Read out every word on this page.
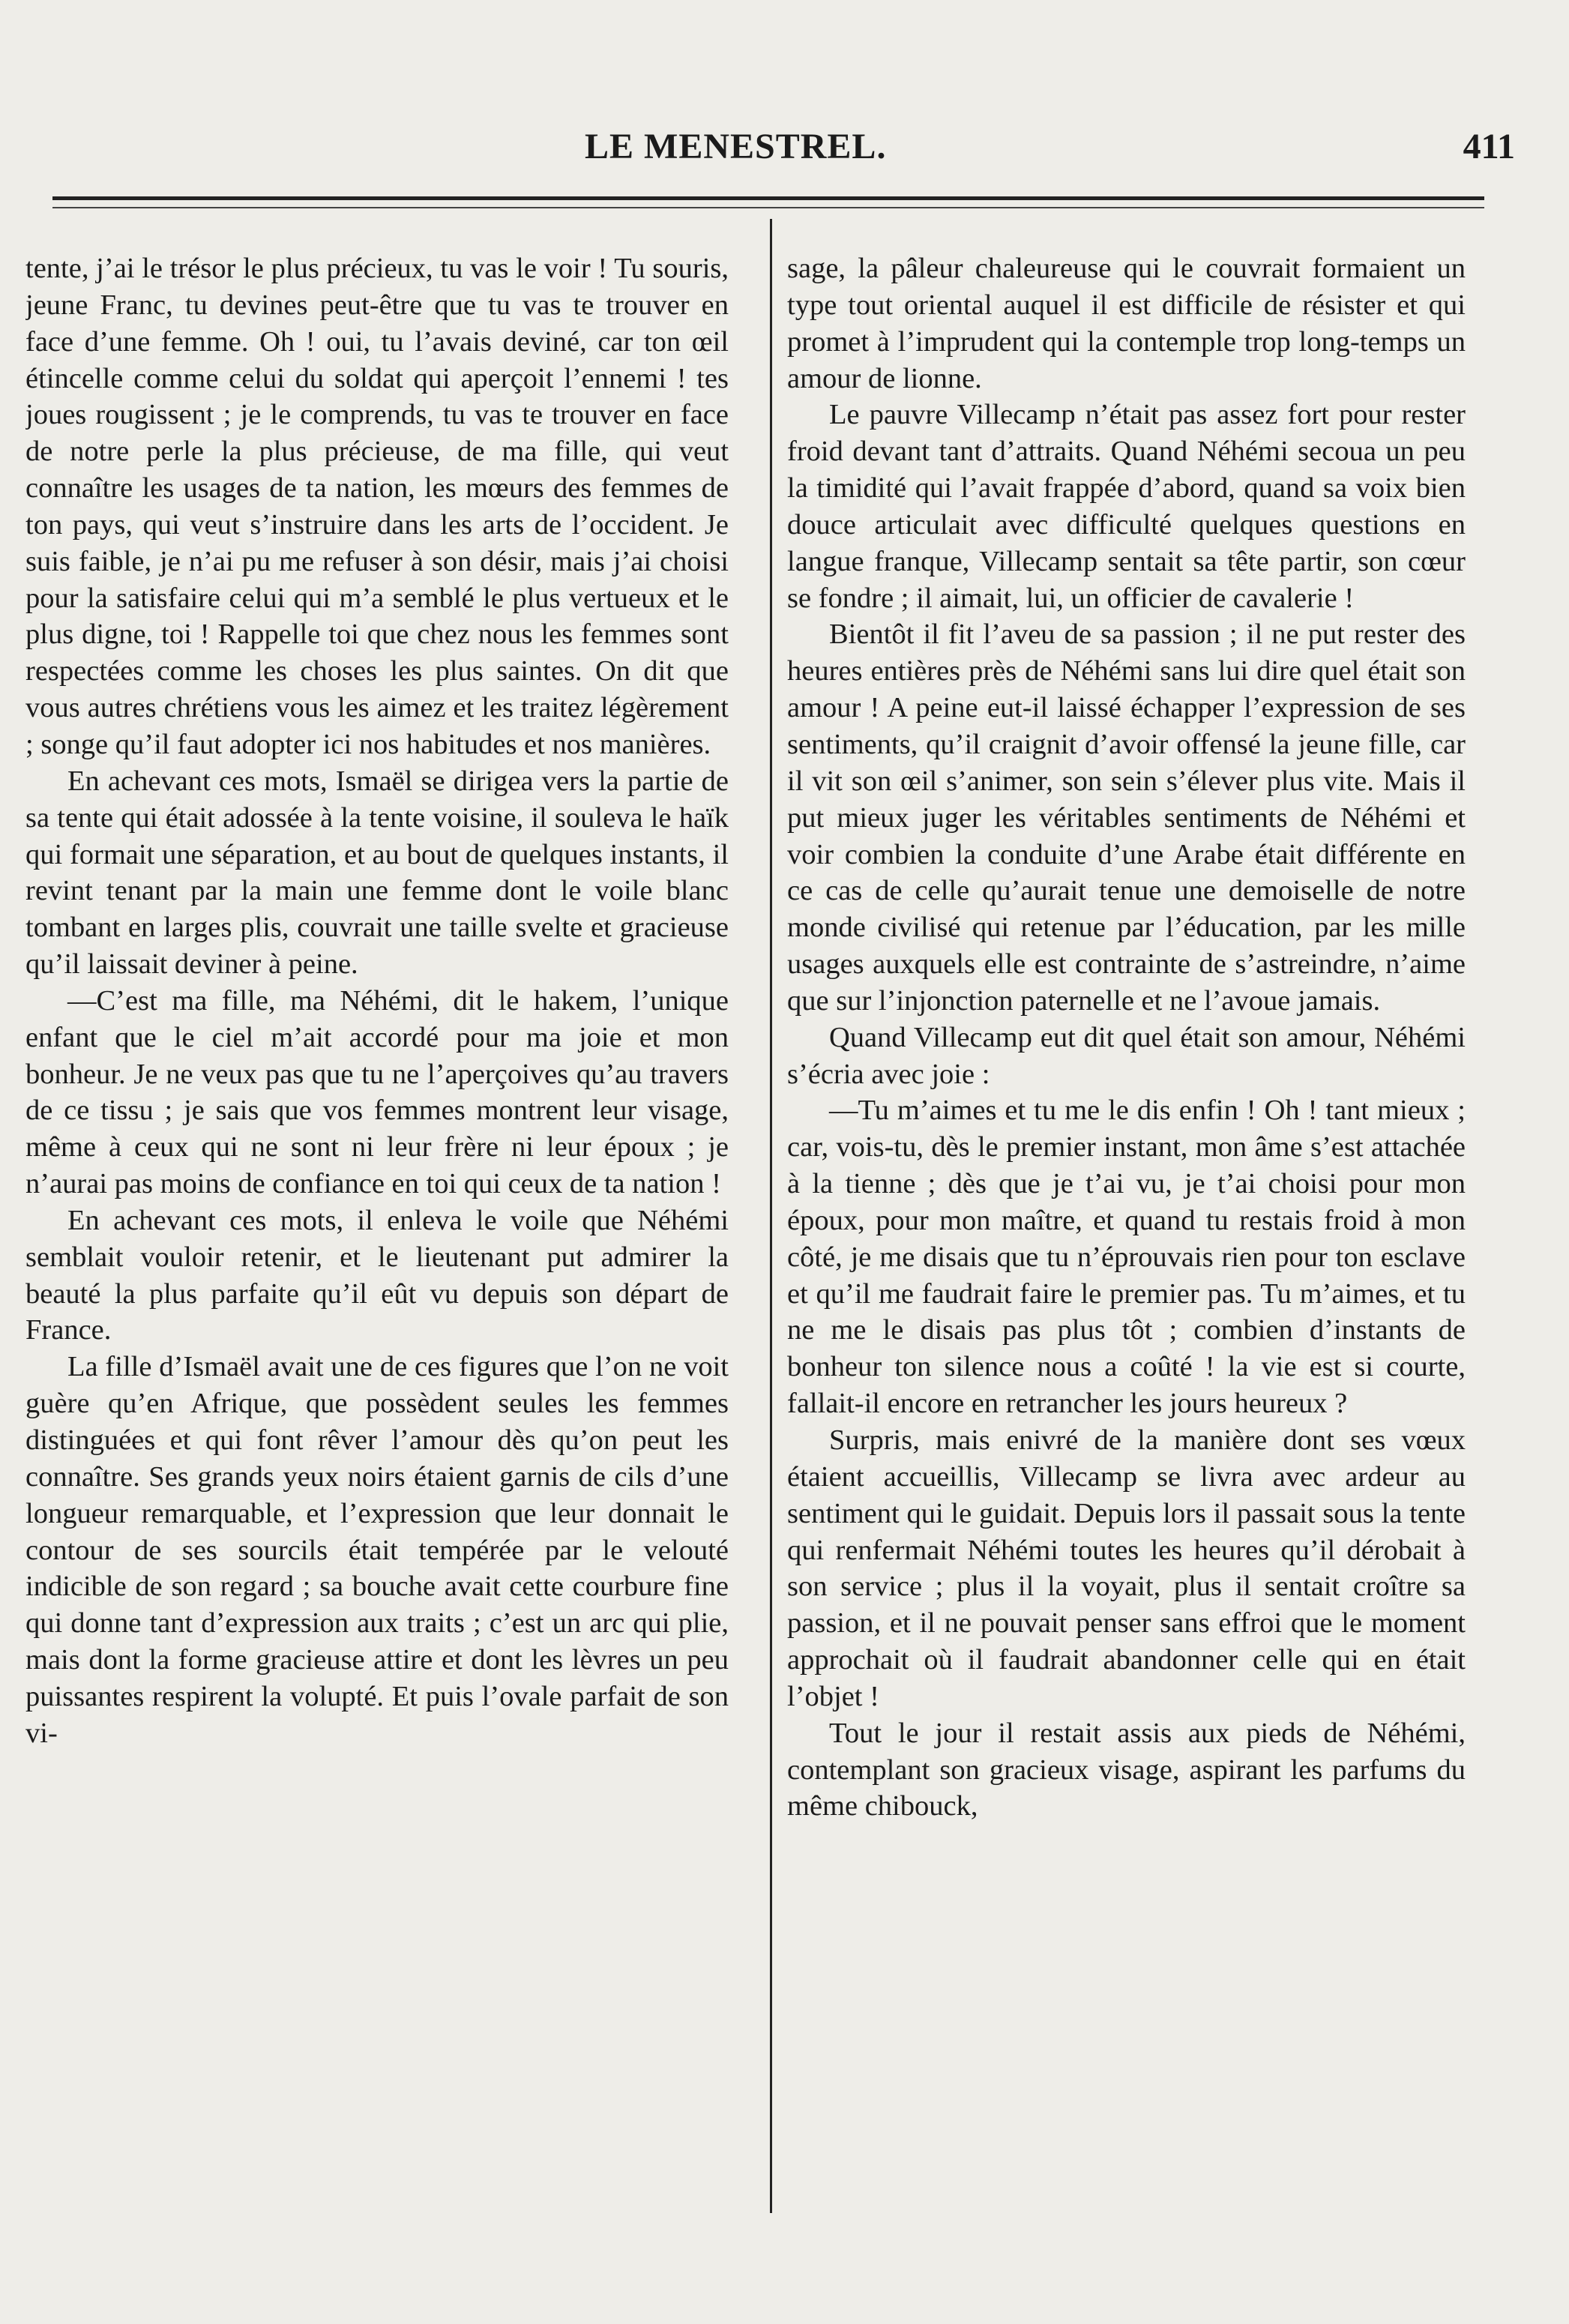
LE MENESTREL.	411

tente, j’ai le trésor le plus précieux, tu vas le voir ! Tu souris, jeune Franc, tu devines peut-être que tu vas te trouver en face d’une femme. Oh ! oui, tu l’avais deviné, car ton œil étincelle comme celui du soldat qui aperçoit l’ennemi ! tes joues rougissent ; je le comprends, tu vas te trouver en face de notre perle la plus précieuse, de ma fille, qui veut connaître les usages de ta nation, les mœurs des femmes de ton pays, qui veut s’instruire dans les arts de l’occident. Je suis faible, je n’ai pu me refuser à son désir, mais j’ai choisi pour la satisfaire celui qui m’a semblé le plus vertueux et le plus digne, toi ! Rappelle toi que chez nous les femmes sont respectées comme les choses les plus saintes. On dit que vous autres chrétiens vous les aimez et les traitez légèrement ; songe qu’il faut adopter ici nos habitudes et nos manières.

En achevant ces mots, Ismaël se dirigea vers la partie de sa tente qui était adossée à la tente voisine, il souleva le haïk qui formait une séparation, et au bout de quelques instants, il revint tenant par la main une femme dont le voile blanc tombant en larges plis, couvrait une taille svelte et gracieuse qu’il laissait deviner à peine.

—C’est ma fille, ma Néhémi, dit le hakem, l’unique enfant que le ciel m’ait accordé pour ma joie et mon bonheur. Je ne veux pas que tu ne l’aperçoives qu’au travers de ce tissu ; je sais que vos femmes montrent leur visage, même à ceux qui ne sont ni leur frère ni leur époux ; je n’aurai pas moins de confiance en toi qui ceux de ta nation !

En achevant ces mots, il enleva le voile que Néhémi semblait vouloir retenir, et le lieutenant put admirer la beauté la plus parfaite qu’il eût vu depuis son départ de France.

La fille d’Ismaël avait une de ces figures que l’on ne voit guère qu’en Afrique, que possèdent seules les femmes distinguées et qui font rêver l’amour dès qu’on peut les connaître. Ses grands yeux noirs étaient garnis de cils d’une longueur remarquable, et l’expression que leur donnait le contour de ses sourcils était tempérée par le velouté indicible de son regard ; sa bouche avait cette courbure fine qui donne tant d’expression aux traits ; c’est un arc qui plie, mais dont la forme gracieuse attire et dont les lèvres un peu puissantes respirent la volupté. Et puis l’ovale parfait de son vi-

sage, la pâleur chaleureuse qui le couvrait formaient un type tout oriental auquel il est difficile de résister et qui promet à l’imprudent qui la contemple trop long-temps un amour de lionne.

Le pauvre Villecamp n’était pas assez fort pour rester froid devant tant d’attraits. Quand Néhémi secoua un peu la timidité qui l’avait frappée d’abord, quand sa voix bien douce articulait avec difficulté quelques questions en langue franque, Villecamp sentait sa tête partir, son cœur se fondre ; il aimait, lui, un officier de cavalerie !

Bientôt il fit l’aveu de sa passion ; il ne put rester des heures entières près de Néhémi sans lui dire quel était son amour ! A peine eut-il laissé échapper l’expression de ses sentiments, qu’il craignit d’avoir offensé la jeune fille, car il vit son œil s’animer, son sein s’élever plus vite. Mais il put mieux juger les véritables sentiments de Néhémi et voir combien la conduite d’une Arabe était différente en ce cas de celle qu’aurait tenue une demoiselle de notre monde civilisé qui retenue par l’éducation, par les mille usages auxquels elle est contrainte de s’astreindre, n’aime que sur l’injonction paternelle et ne l’avoue jamais.

Quand Villecamp eut dit quel était son amour, Néhémi s’écria avec joie :

—Tu m’aimes et tu me le dis enfin ! Oh ! tant mieux ; car, vois-tu, dès le premier instant, mon âme s’est attachée à la tienne ; dès que je t’ai vu, je t’ai choisi pour mon époux, pour mon maître, et quand tu restais froid à mon côté, je me disais que tu n’éprouvais rien pour ton esclave et qu’il me faudrait faire le premier pas. Tu m’aimes, et tu ne me le disais pas plus tôt ; combien d’instants de bonheur ton silence nous a coûté ! la vie est si courte, fallait-il encore en retrancher les jours heureux ?

Surpris, mais enivré de la manière dont ses vœux étaient accueillis, Villecamp se livra avec ardeur au sentiment qui le guidait. Depuis lors il passait sous la tente qui renfermait Néhémi toutes les heures qu’il dérobait à son service ; plus il la voyait, plus il sentait croître sa passion, et il ne pouvait penser sans effroi que le moment approchait où il faudrait abandonner celle qui en était l’objet !

Tout le jour il restait assis aux pieds de Néhémi, contemplant son gracieux visage, aspirant les parfums du même chibouck,
